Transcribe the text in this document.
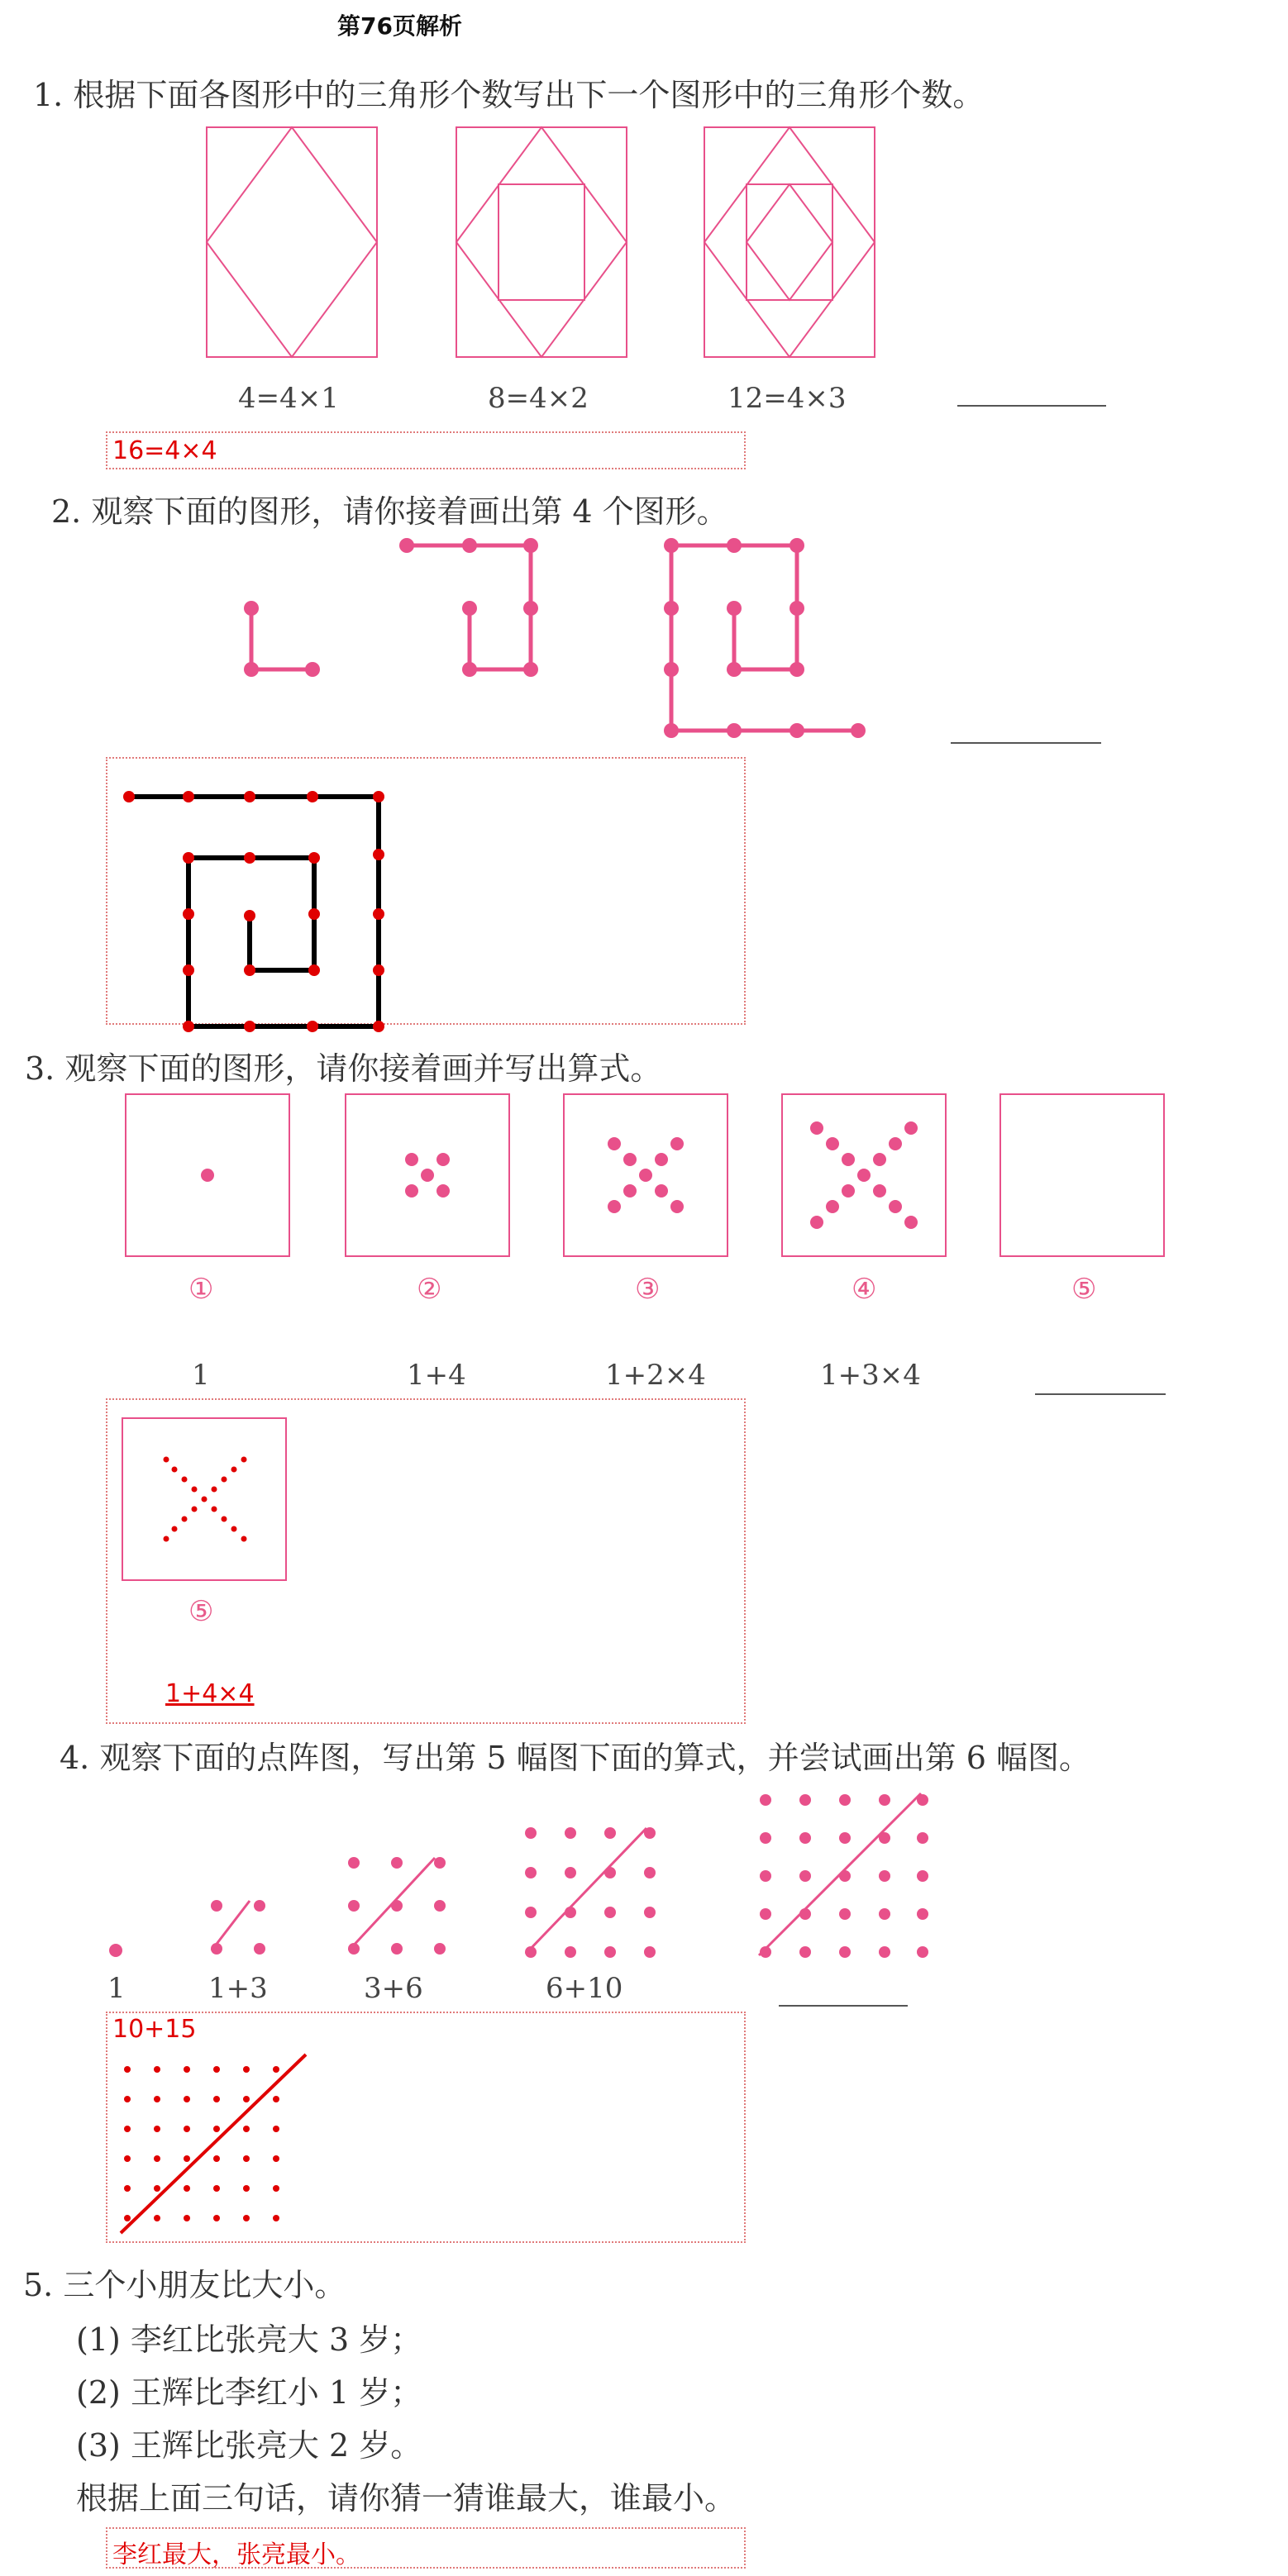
第76页解析
1. 根据下面各图形中的三角形个数写出下一个图形中的三角形个数。
4=4×1	8=4×2	12=4×3
16=4×4
2. 观察下面的图形，请你接着画出第 4 个图形。
3. 观察下面的图形，请你接着画并写出算式。
①	②	③	④	⑤
1	1+4	1+2×4	1+3×4
⑤
1+4×4
4. 观察下面的点阵图，写出第 5 幅图下面的算式，并尝试画出第 6 幅图。
1	1+3	3+6	6+10
10+15
5. 三个小朋友比大小。
(1) 李红比张亮大 3 岁；
(2) 王辉比李红小 1 岁；
(3) 王辉比张亮大 2 岁。
根据上面三句话，请你猜一猜谁最大，谁最小。
李红最大，张亮最小。
